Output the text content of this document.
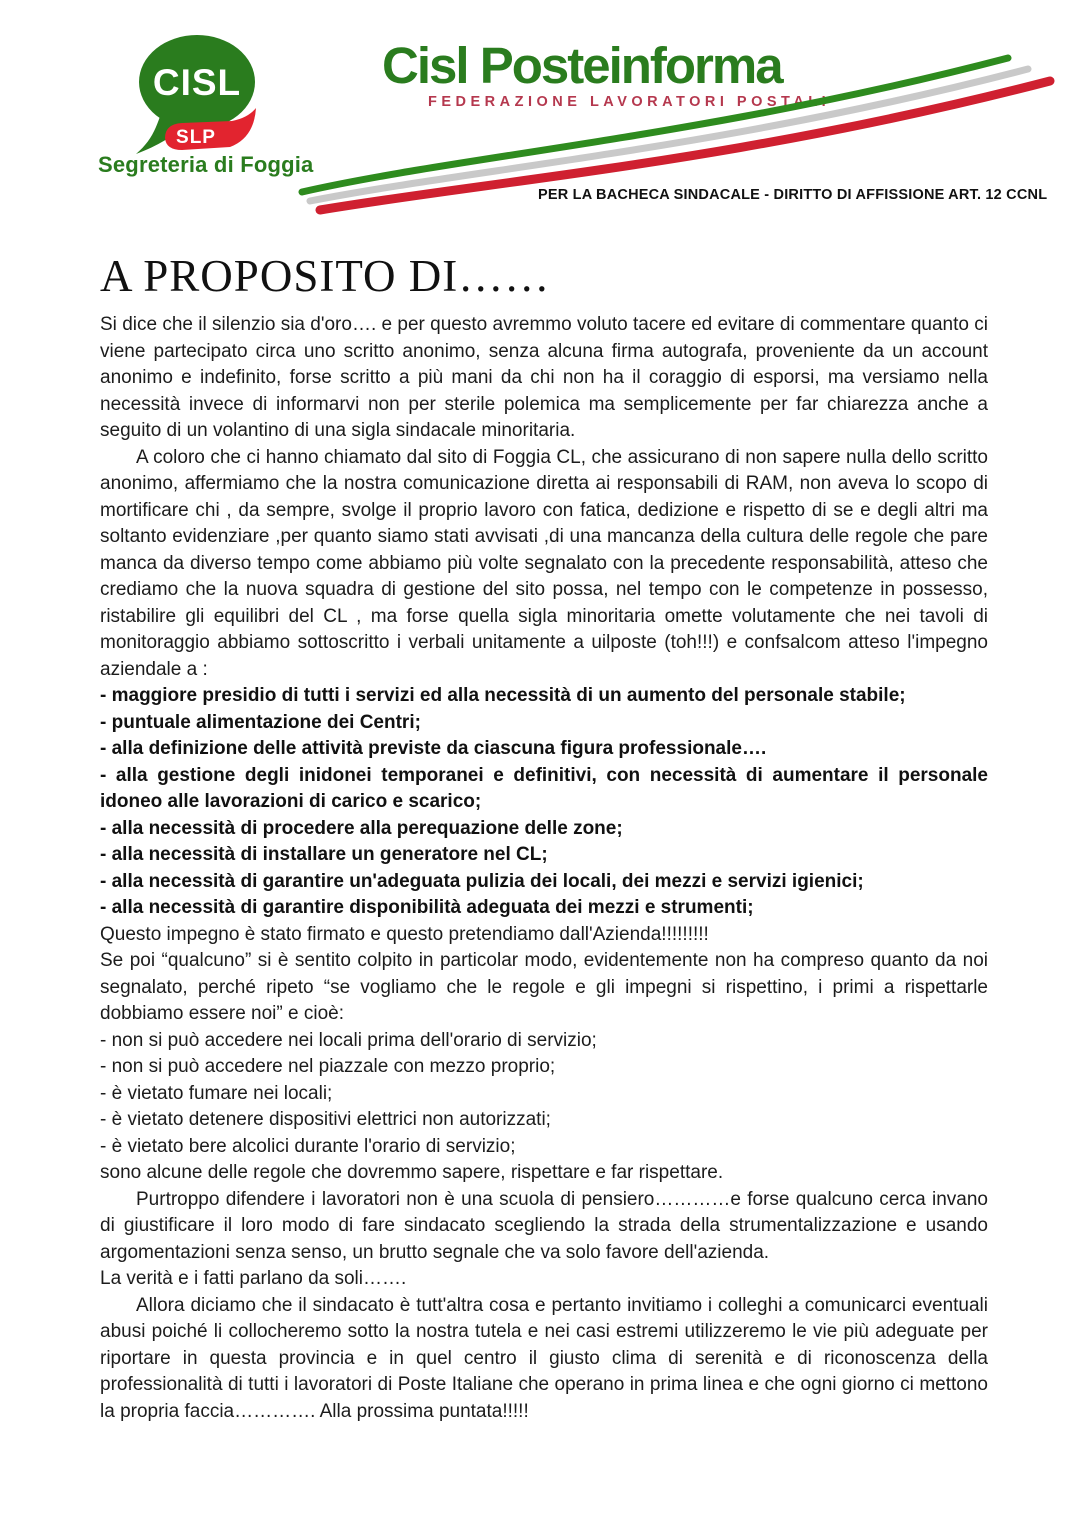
CISL
SLP
Segreteria di Foggia
Cisl Posteinforma
FEDERAZIONE LAVORATORI POSTALI
PER LA BACHECA SINDACALE - DIRITTO DI AFFISSIONE ART. 12 CCNL
A PROPOSITO DI……

Si dice che il silenzio sia d'oro…. e per questo avremmo voluto tacere ed evitare di commentare quanto ci viene partecipato circa uno scritto anonimo, senza alcuna firma autografa, proveniente da un account anonimo e indefinito, forse scritto a più mani da chi non ha il coraggio di esporsi, ma versiamo nella necessità invece di informarvi non per sterile polemica ma semplicemente per far chiarezza anche a seguito di un volantino di una sigla sindacale minoritaria.

A coloro che ci hanno chiamato dal sito di Foggia CL, che assicurano di non sapere nulla dello scritto anonimo, affermiamo che la nostra comunicazione diretta ai responsabili di RAM, non aveva lo scopo di mortificare chi , da sempre, svolge il proprio lavoro con fatica, dedizione e rispetto di se e degli altri ma soltanto evidenziare ,per quanto siamo stati avvisati ,di una mancanza della cultura delle regole che pare manca da diverso tempo come abbiamo più volte segnalato con la precedente responsabilità, atteso che crediamo che la nuova squadra di gestione del sito possa, nel tempo con le competenze in possesso, ristabilire gli equilibri del CL , ma forse quella sigla minoritaria omette volutamente che nei tavoli di monitoraggio abbiamo sottoscritto i verbali unitamente a uilposte (toh!!!) e confsalcom atteso l'impegno aziendale a :

- maggiore presidio di tutti i servizi ed alla necessità di un aumento del personale stabile;

- puntuale alimentazione dei Centri;

- alla definizione delle attività previste da ciascuna figura professionale….

- alla gestione degli inidonei temporanei e definitivi, con necessità di aumentare il personale idoneo alle lavorazioni di carico e scarico;

- alla necessità di procedere alla perequazione delle zone;

- alla necessità di installare un generatore nel CL;

- alla necessità di garantire un'adeguata pulizia dei locali, dei mezzi e servizi igienici;

- alla necessità di garantire disponibilità adeguata dei mezzi e strumenti;

Questo impegno è stato firmato e questo pretendiamo dall'Azienda!!!!!!!!!

Se poi “qualcuno” si è sentito colpito in particolar modo, evidentemente non ha compreso quanto da noi segnalato, perché ripeto “se vogliamo che le regole e gli impegni si rispettino, i primi a rispettarle dobbiamo essere noi” e cioè:

- non si può accedere nei locali prima dell'orario di servizio;

- non si può accedere nel piazzale con mezzo proprio;

- è vietato fumare nei locali;

- è vietato detenere dispositivi elettrici non autorizzati;

- è vietato bere alcolici durante l'orario di servizio;

sono alcune delle regole che dovremmo sapere, rispettare e far rispettare.

Purtroppo difendere i lavoratori non è una scuola di pensiero…………e forse qualcuno cerca invano di giustificare il loro modo di fare sindacato scegliendo la strada della strumentalizzazione e usando argomentazioni senza senso, un brutto segnale che va solo favore dell'azienda.

La verità e i fatti parlano da soli…….

Allora diciamo che il sindacato è tutt'altra cosa e pertanto invitiamo i colleghi a comunicarci eventuali abusi poiché li collocheremo sotto la nostra tutela e nei casi estremi utilizzeremo le vie più adeguate per riportare in questa provincia e in quel centro il giusto clima di serenità e di riconoscenza della professionalità di tutti i lavoratori di Poste Italiane che operano in prima linea e che ogni giorno ci mettono la propria faccia…………. Alla prossima puntata!!!!!
